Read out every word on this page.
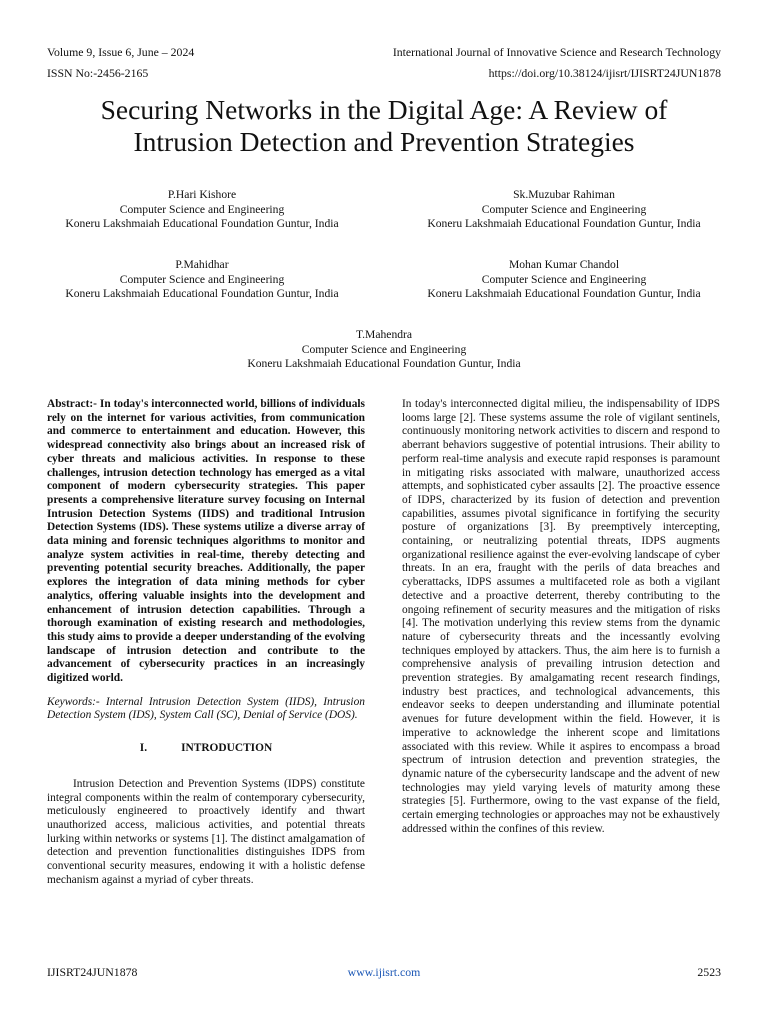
Volume 9, Issue 6, June – 2024	International Journal of Innovative Science and Research Technology
ISSN No:-2456-2165	https://doi.org/10.38124/ijisrt/IJISRT24JUN1878
Securing Networks in the Digital Age: A Review of
Intrusion Detection and Prevention Strategies
P.Hari Kishore
Computer Science and Engineering
Koneru Lakshmaiah Educational Foundation Guntur, India
Sk.Muzubar Rahiman
Computer Science and Engineering
Koneru Lakshmaiah Educational Foundation Guntur, India
P.Mahidhar
Computer Science and Engineering
Koneru Lakshmaiah Educational Foundation Guntur, India
Mohan Kumar Chandol
Computer Science and Engineering
Koneru Lakshmaiah Educational Foundation Guntur, India
T.Mahendra
Computer Science and Engineering
Koneru Lakshmaiah Educational Foundation Guntur, India

Abstract:- In today's interconnected world, billions of individuals rely on the internet for various activities, from communication and commerce to entertainment and education. However, this widespread connectivity also brings about an increased risk of cyber threats and malicious activities. In response to these challenges, intrusion detection technology has emerged as a vital component of modern cybersecurity strategies. This paper presents a comprehensive literature survey focusing on Internal Intrusion Detection Systems (IIDS) and traditional Intrusion Detection Systems (IDS). These systems utilize a diverse array of data mining and forensic techniques algorithms to monitor and analyze system activities in real-time, thereby detecting and preventing potential security breaches. Additionally, the paper explores the integration of data mining methods for cyber analytics, offering valuable insights into the development and enhancement of intrusion detection capabilities. Through a thorough examination of existing research and methodologies, this study aims to provide a deeper understanding of the evolving landscape of intrusion detection and contribute to the advancement of cybersecurity practices in an increasingly digitized world.

Keywords:- Internal Intrusion Detection System (IIDS), Intrusion Detection System (IDS), System Call (SC), Denial of Service (DOS).

I.	INTRODUCTION

Intrusion Detection and Prevention Systems (IDPS) constitute integral components within the realm of contemporary cybersecurity, meticulously engineered to proactively identify and thwart unauthorized access, malicious activities, and potential threats lurking within networks or systems [1]. The distinct amalgamation of detection and prevention functionalities distinguishes IDPS from conventional security measures, endowing it with a holistic defense mechanism against a myriad of cyber threats.

In today's interconnected digital milieu, the indispensability of IDPS looms large [2]. These systems assume the role of vigilant sentinels, continuously monitoring network activities to discern and respond to aberrant behaviors suggestive of potential intrusions. Their ability to perform real-time analysis and execute rapid responses is paramount in mitigating risks associated with malware, unauthorized access attempts, and sophisticated cyber assaults [2]. The proactive essence of IDPS, characterized by its fusion of detection and prevention capabilities, assumes pivotal significance in fortifying the security posture of organizations [3]. By preemptively intercepting, containing, or neutralizing potential threats, IDPS augments organizational resilience against the ever-evolving landscape of cyber threats. In an era, fraught with the perils of data breaches and cyberattacks, IDPS assumes a multifaceted role as both a vigilant detective and a proactive deterrent, thereby contributing to the ongoing refinement of security measures and the mitigation of risks [4]. The motivation underlying this review stems from the dynamic nature of cybersecurity threats and the incessantly evolving techniques employed by attackers. Thus, the aim here is to furnish a comprehensive analysis of prevailing intrusion detection and prevention strategies. By amalgamating recent research findings, industry best practices, and technological advancements, this endeavor seeks to deepen understanding and illuminate potential avenues for future development within the field. However, it is imperative to acknowledge the inherent scope and limitations associated with this review. While it aspires to encompass a broad spectrum of intrusion detection and prevention strategies, the dynamic nature of the cybersecurity landscape and the advent of new technologies may yield varying levels of maturity among these strategies [5]. Furthermore, owing to the vast expanse of the field, certain emerging technologies or approaches may not be exhaustively addressed within the confines of this review.

IJISRT24JUN1878	www.ijisrt.com	2523
